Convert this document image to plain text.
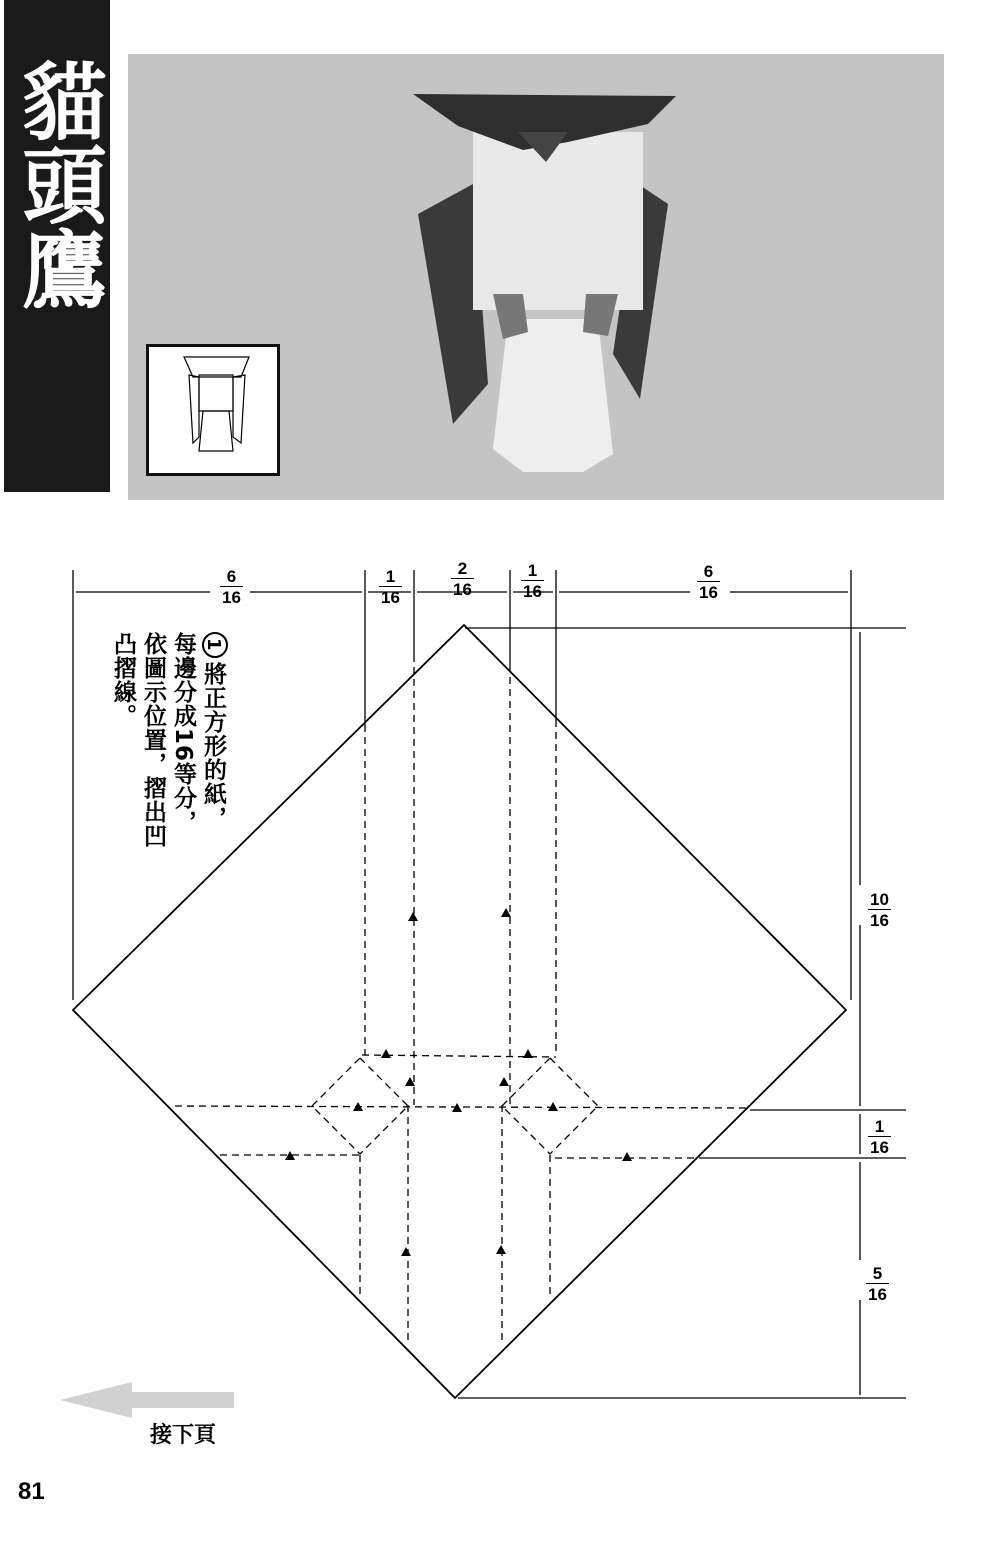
貓頭鷹
1將正方形的紙，每邊分成16等分，依圖示位置，摺出凹凸摺線。
$\frac{6}{16}$	$\frac{1}{16}$	$\frac{2}{16}$	$\frac{1}{16}$	$\frac{6}{16}$
$\frac{10}{16}$
$\frac{1}{16}$
$\frac{5}{16}$
接下頁
81
